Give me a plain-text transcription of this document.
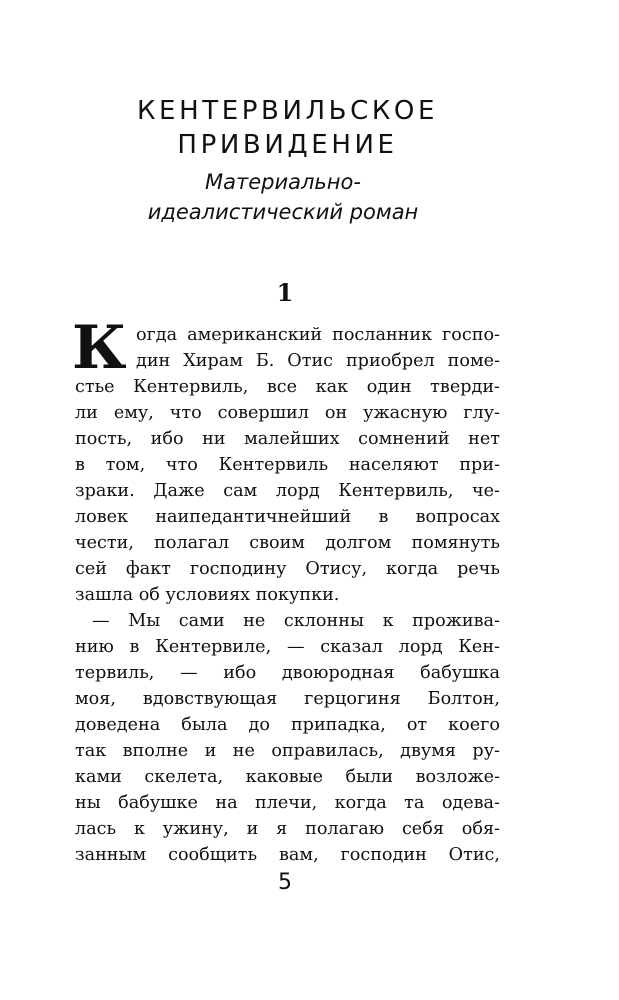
КЕНТЕРВИЛЬСКОЕ
ПРИВИДЕНИЕ
Материально-
идеалистический роман
1
К огда американский посланник госпо-
дин Хирам Б. Отис приобрел поме-
стье Кентервиль, все как один тверди-
ли ему, что совершил он ужасную глу-
пость, ибо ни малейших сомнений нет
в том, что Кентервиль населяют при-
зраки. Даже сам лорд Кентервиль, че-
ловек наипедантичнейший в вопросах
чести, полагал своим долгом помянуть
сей факт господину Отису, когда речь
зашла об условиях покупки.
— Мы сами не склонны к проживa-
нию в Кентервиле, — сказал лорд Кен-
тервиль, — ибо двоюродная бабушка
моя, вдовствующая герцогиня Болтон,
доведена была до припадка, от коего
так вполне и не оправилась, двумя ру-
ками скелета, каковые были возложе-
ны бабушке на плечи, когда та одева-
лась к ужину, и я полагаю себя обя-
занным сообщить вам, господин Отис,
5
